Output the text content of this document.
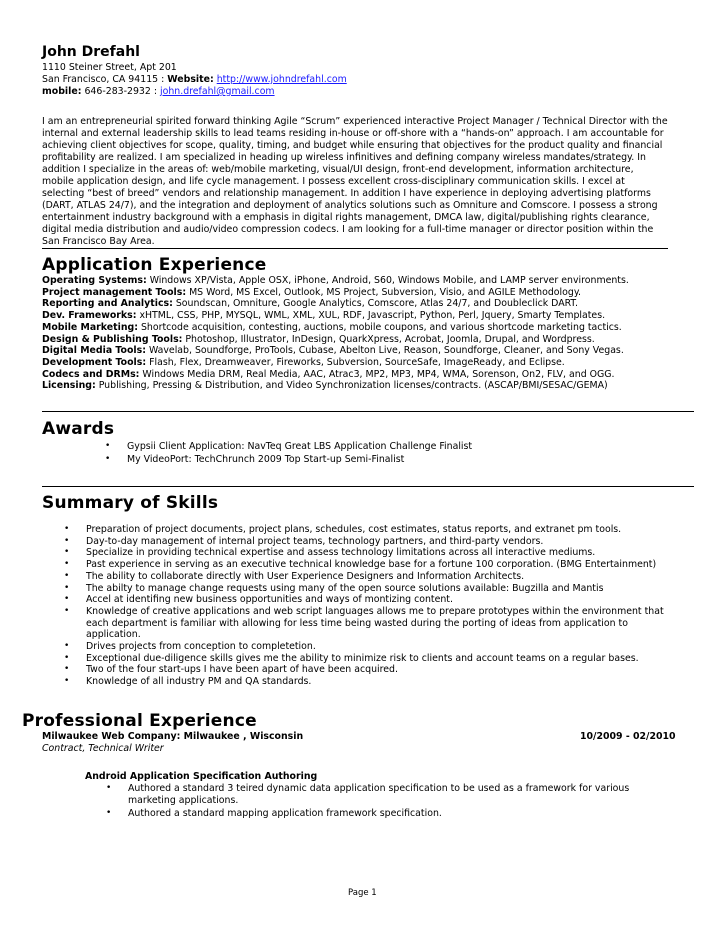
John Drefahl
1110 Steiner Street, Apt 201
San Francisco, CA 94115 : Website: http://www.johndrefahl.com
mobile: 646-283-2932 : john.drefahl@gmail.com
I am an entrepreneurial spirited forward thinking Agile “Scrum” experienced interactive Project Manager / Technical Director with the
internal and external leadership skills to lead teams residing in-house or off-shore with a “hands-on” approach. I am accountable for
achieving client objectives for scope, quality, timing, and budget while ensuring that objectives for the product quality and financial
profitability are realized. I am specialized in heading up wireless infinitives and defining company wireless mandates/strategy. In
addition I specialize in the areas of: web/mobile marketing, visual/UI design, front-end development, information architecture,
mobile application design, and life cycle management. I possess excellent cross-disciplinary communication skills. I excel at
selecting “best of breed” vendors and relationship management. In addition I have experience in deploying advertising platforms
(DART, ATLAS 24/7), and the integration and deployment of analytics solutions such as Omniture and Comscore. I possess a strong
entertainment industry background with a emphasis in digital rights management, DMCA law, digital/publishing rights clearance,
digital media distribution and audio/video compression codecs. I am looking for a full-time manager or director position within the
San Francisco Bay Area.
Application Experience
Operating Systems: Windows XP/Vista, Apple OSX, iPhone, Android, S60, Windows Mobile, and LAMP server environments.
Project management Tools: MS Word, MS Excel, Outlook, MS Project, Subversion, Visio, and AGILE Methodology.
Reporting and Analytics: Soundscan, Omniture, Google Analytics, Comscore, Atlas 24/7, and Doubleclick DART.
Dev. Frameworks: xHTML, CSS, PHP, MYSQL, WML, XML, XUL, RDF, Javascript, Python, Perl, Jquery, Smarty Templates.
Mobile Marketing: Shortcode acquisition, contesting, auctions, mobile coupons, and various shortcode marketing tactics.
Design & Publishing Tools: Photoshop, Illustrator, InDesign, QuarkXpress, Acrobat, Joomla, Drupal, and Wordpress.
Digital Media Tools: Wavelab, Soundforge, ProTools, Cubase, Abelton Live, Reason, Soundforge, Cleaner, and Sony Vegas.
Development Tools: Flash, Flex, Dreamweaver, Fireworks, Subversion, SourceSafe, ImageReady, and Eclipse.
Codecs and DRMs: Windows Media DRM, Real Media, AAC, Atrac3, MP2, MP3, MP4, WMA, Sorenson, On2, FLV, and OGG.
Licensing: Publishing, Pressing & Distribution, and Video Synchronization licenses/contracts. (ASCAP/BMI/SESAC/GEMA)
Awards
• Gypsii Client Application: NavTeq Great LBS Application Challenge Finalist
• My VideoPort: TechChrunch 2009 Top Start-up Semi-Finalist
Summary of Skills
• Preparation of project documents, project plans, schedules, cost estimates, status reports, and extranet pm tools.
• Day-to-day management of internal project teams, technology partners, and third-party vendors.
• Specialize in providing technical expertise and assess technology limitations across all interactive mediums.
• Past experience in serving as an executive technical knowledge base for a fortune 100 corporation. (BMG Entertainment)
• The ability to collaborate directly with User Experience Designers and Information Architects.
• The abilty to manage change requests using many of the open source solutions available: Bugzilla and Mantis
• Accel at identifing new business opportunities and ways of montizing content.
• Knowledge of creative applications and web script languages allows me to prepare prototypes within the environment that
each department is familiar with allowing for less time being wasted during the porting of ideas from application to
application.
• Drives projects from conception to completetion.
• Exceptional due-diligence skills gives me the ability to minimize risk to clients and account teams on a regular bases.
• Two of the four start-ups I have been apart of have been acquired.
• Knowledge of all industry PM and QA standards.
Professional Experience
Milwaukee Web Company: Milwaukee , Wisconsin	10/2009 - 02/2010
Contract, Technical Writer
Android Application Specification Authoring
• Authored a standard 3 teired dynamic data application specification to be used as a framework for various
marketing applications.
• Authored a standard mapping application framework specification.
Page 1
